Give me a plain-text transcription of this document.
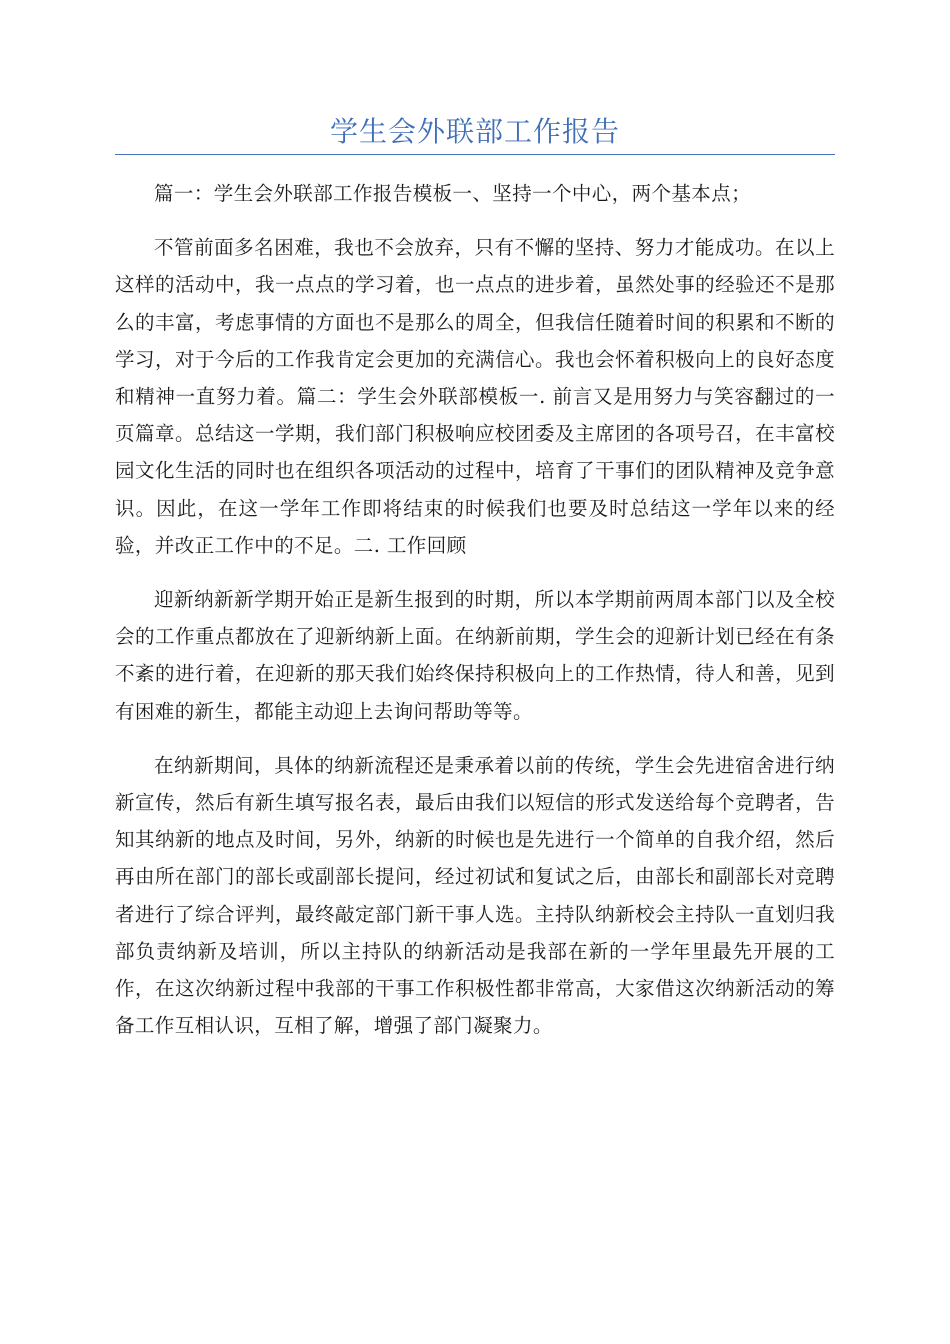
学生会外联部工作报告

篇一：学生会外联部工作报告模板一、坚持一个中心，两个基本点；

不管前面多名困难，我也不会放弃，只有不懈的坚持、努力才能成功。在以上这样的活动中，我一点点的学习着，也一点点的进步着，虽然处事的经验还不是那么的丰富，考虑事情的方面也不是那么的周全，但我信任随着时间的积累和不断的学习，对于今后的工作我肯定会更加的充满信心。我也会怀着积极向上的良好态度和精神一直努力着。篇二：学生会外联部模板一. 前言又是用努力与笑容翻过的一页篇章。总结这一学期，我们部门积极响应校团委及主席团的各项号召，在丰富校园文化生活的同时也在组织各项活动的过程中，培育了干事们的团队精神及竞争意识。因此，在这一学年工作即将结束的时候我们也要及时总结这一学年以来的经验，并改正工作中的不足。二. 工作回顾

迎新纳新新学期开始正是新生报到的时期，所以本学期前两周本部门以及全校会的工作重点都放在了迎新纳新上面。在纳新前期，学生会的迎新计划已经在有条不紊的进行着，在迎新的那天我们始终保持积极向上的工作热情，待人和善，见到有困难的新生，都能主动迎上去询问帮助等等。

在纳新期间，具体的纳新流程还是秉承着以前的传统，学生会先进宿舍进行纳新宣传，然后有新生填写报名表，最后由我们以短信的形式发送给每个竞聘者，告知其纳新的地点及时间，另外，纳新的时候也是先进行一个简单的自我介绍，然后再由所在部门的部长或副部长提问，经过初试和复试之后，由部长和副部长对竞聘者进行了综合评判，最终敲定部门新干事人选。主持队纳新校会主持队一直划归我部负责纳新及培训，所以主持队的纳新活动是我部在新的一学年里最先开展的工作，在这次纳新过程中我部的干事工作积极性都非常高，大家借这次纳新活动的筹备工作互相认识，互相了解，增强了部门凝聚力。
